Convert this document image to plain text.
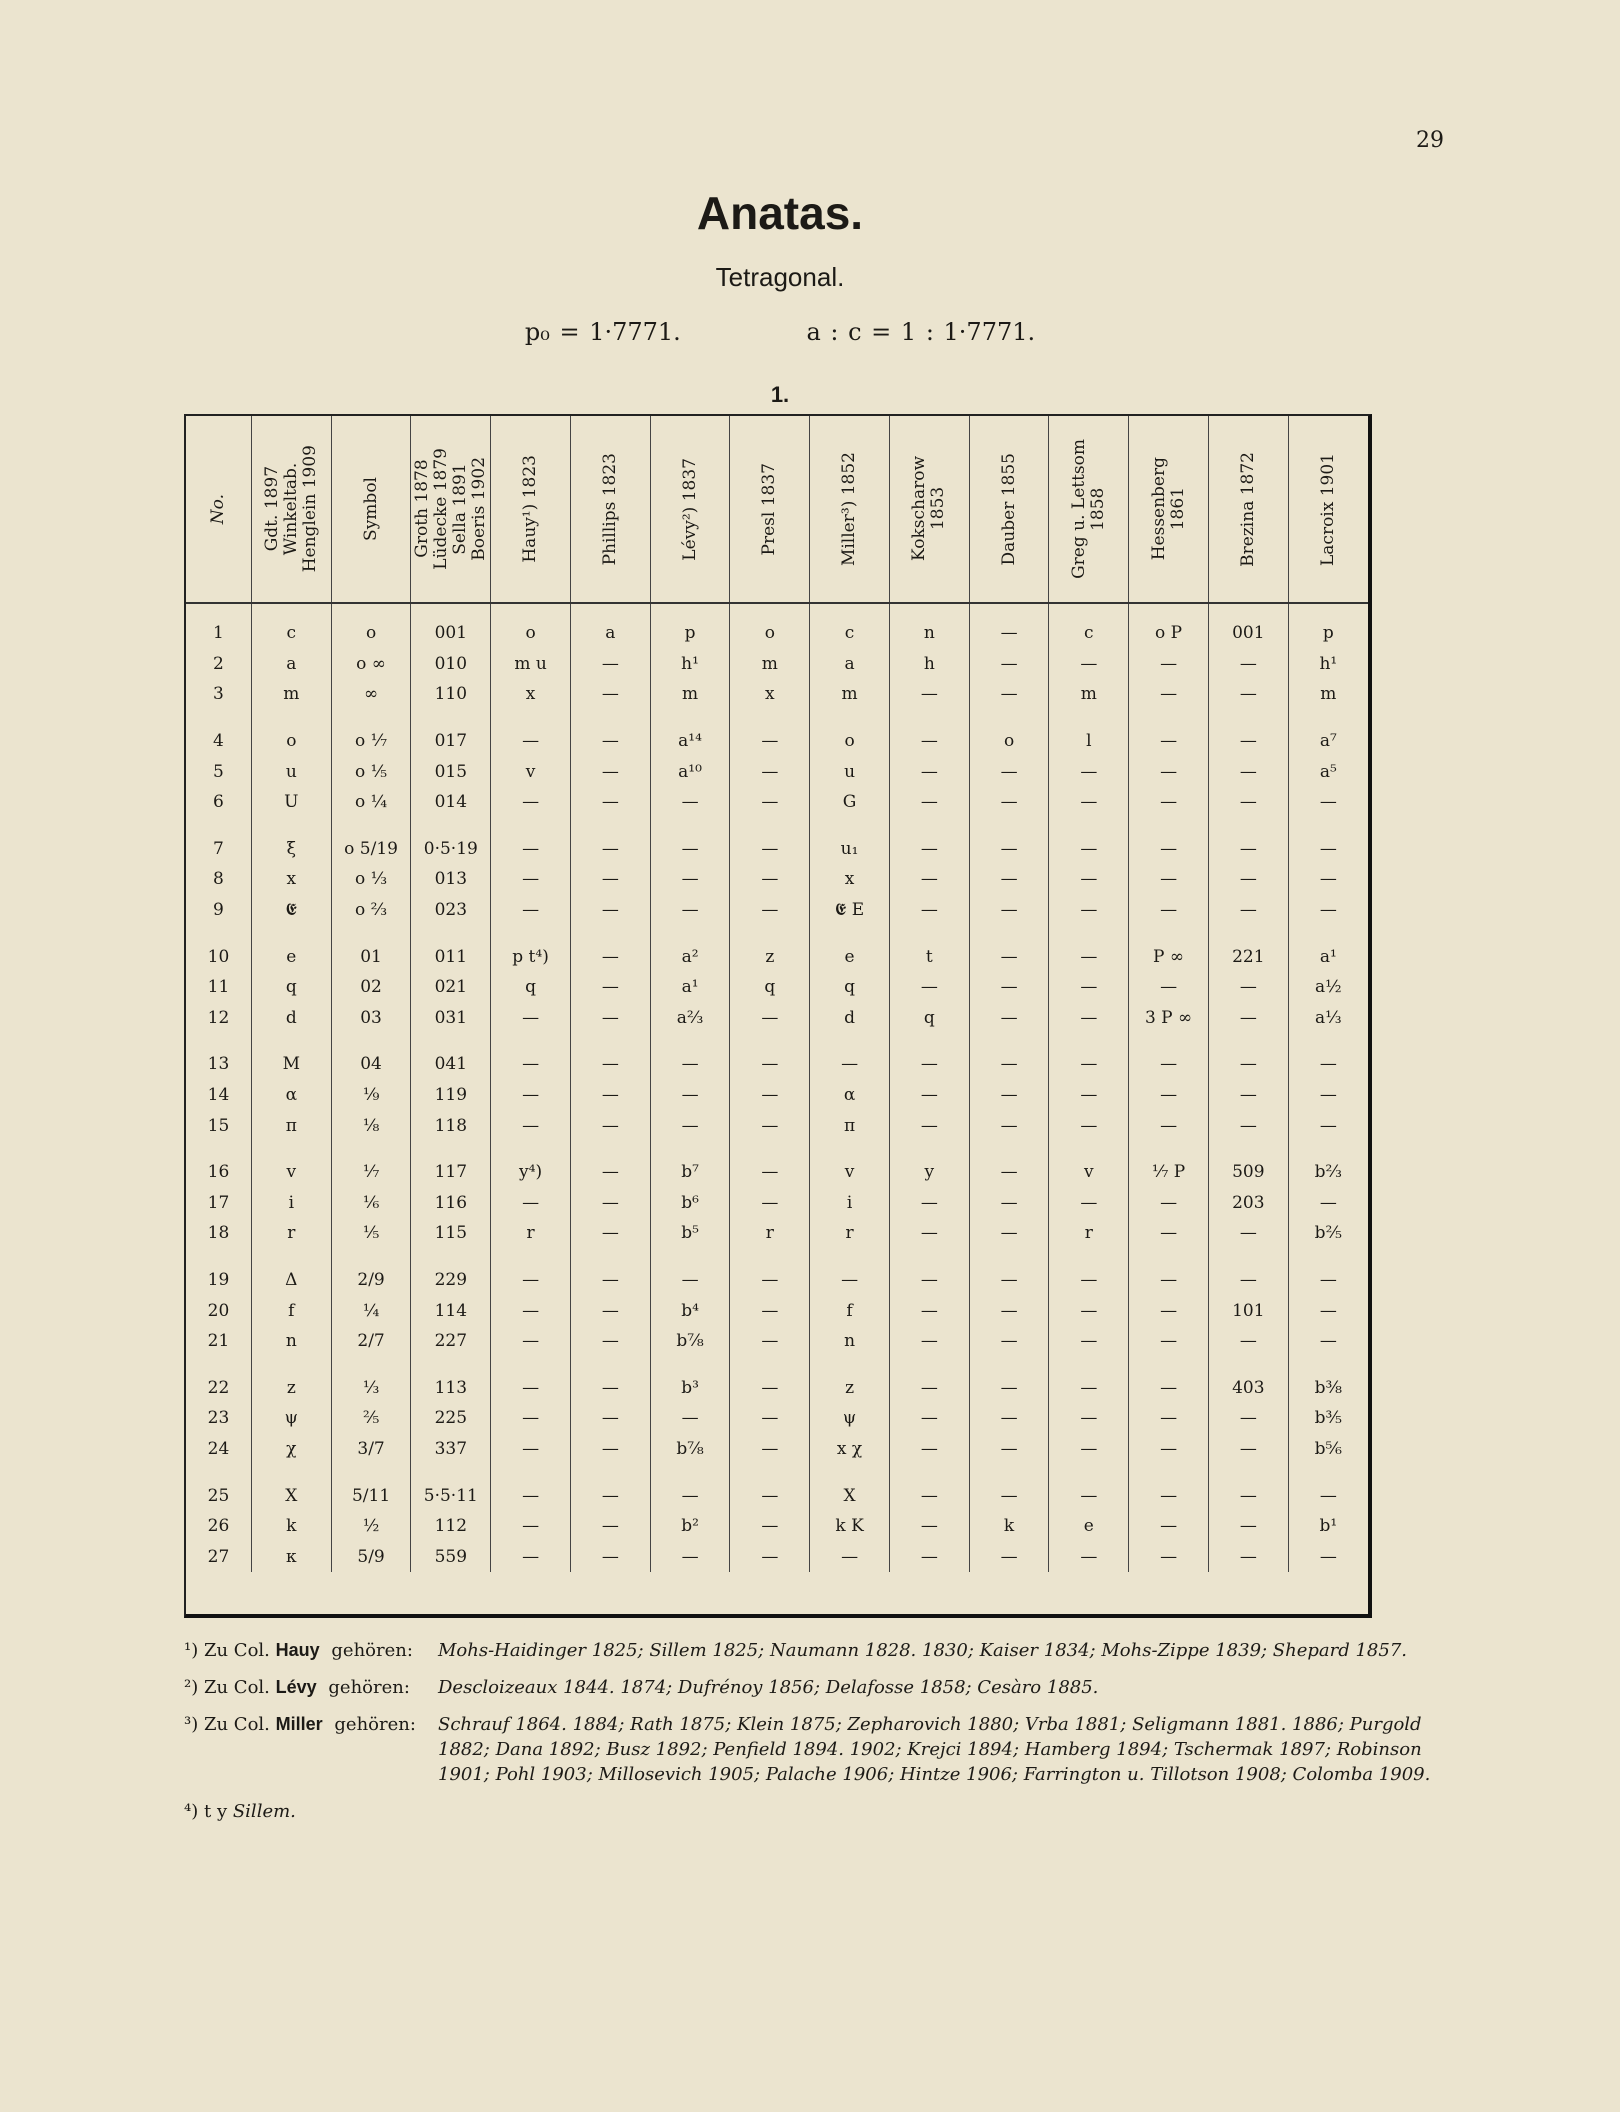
29
Anatas.
Tetragonal.
p₀ = 1·7771.	a : c = 1 : 1·7771.
1.
No.	Gdt. 1897
Winkeltab.
Henglein 1909	Symbol	Groth 1878
Lüdecke 1879
Sella 1891
Boeris 1902	Hauy¹) 1823	Phillips 1823	Lévy²) 1837	Presl 1837	Miller³) 1852	Kokscharow
1853	Dauber 1855	Greg u. Lettsom
1858	Hessenberg
1861	Brezina 1872	Lacroix 1901

1	c	o	001	o	a	p	o	c	n	—	c	o P	001	p
2	a	o ∞	010	m u	—	h¹	m	a	h	—	—	—	—	h¹
3	m	∞	110	x	—	m	x	m	—	—	m	—	—	m
4	o	o ⅐	017	—	—	a¹⁴	—	o	—	o	l	—	—	a⁷
5	u	o ⅕	015	v	—	a¹⁰	—	u	—	—	—	—	—	a⁵
6	U	o ¼	014	—	—	—	—	G	—	—	—	—	—	—
7	ξ	o 5/19	0·5·19	—	—	—	—	u₁	—	—	—	—	—	—
8	x	o ⅓	013	—	—	—	—	x	—	—	—	—	—	—
9	𝕰	o ⅔	023	—	—	—	—	𝕰 E	—	—	—	—	—	—
10	e	01	011	p t⁴)	—	a²	z	e	t	—	—	P ∞	221	a¹
11	q	02	021	q	—	a¹	q	q	—	—	—	—	—	a½
12	d	03	031	—	—	a⅔	—	d	q	—	—	3 P ∞	—	a⅓
13	M	04	041	—	—	—	—	—	—	—	—	—	—	—
14	α	⅑	119	—	—	—	—	α	—	—	—	—	—	—
15	π	⅛	118	—	—	—	—	π	—	—	—	—	—	—
16	v	⅐	117	y⁴)	—	b⁷	—	v	y	—	v	⅐ P	509	b⅔
17	i	⅙	116	—	—	b⁶	—	i	—	—	—	—	203	—
18	r	⅕	115	r	—	b⁵	r	r	—	—	r	—	—	b⅖
19	Δ	2/9	229	—	—	—	—	—	—	—	—	—	—	—
20	f	¼	114	—	—	b⁴	—	f	—	—	—	—	101	—
21	n	2/7	227	—	—	b⅞	—	n	—	—	—	—	—	—
22	z	⅓	113	—	—	b³	—	z	—	—	—	—	403	b⅜
23	ψ	⅖	225	—	—	—	—	ψ	—	—	—	—	—	b⅗
24	χ	3/7	337	—	—	b⅞	—	x χ	—	—	—	—	—	b⅚
25	X	5/11	5·5·11	—	—	—	—	X	—	—	—	—	—	—
26	k	½	112	—	—	b²	—	k K	—	k	e	—	—	b¹
27	κ	5/9	559	—	—	—	—	—	—	—	—	—	—	—
¹) Zu Col. Hauy gehören:	Mohs-Haidinger 1825; Sillem 1825; Naumann 1828. 1830; Kaiser 1834; Mohs-Zippe 1839; Shepard 1857.
²) Zu Col. Lévy gehören:	Descloizeaux 1844. 1874; Dufrénoy 1856; Delafosse 1858; Cesàro 1885.
³) Zu Col. Miller gehören:	Schrauf 1864. 1884; Rath 1875; Klein 1875; Zepharovich 1880; Vrba 1881; Seligmann 1881. 1886; Purgold 1882; Dana 1892; Busz 1892; Penfield 1894. 1902; Krejci 1894; Hamberg 1894; Tschermak 1897; Robinson 1901; Pohl 1903; Millosevich 1905; Palache 1906; Hintze 1906; Farrington u. Tillotson 1908; Colomba 1909.
⁴)
t y
Sillem.
